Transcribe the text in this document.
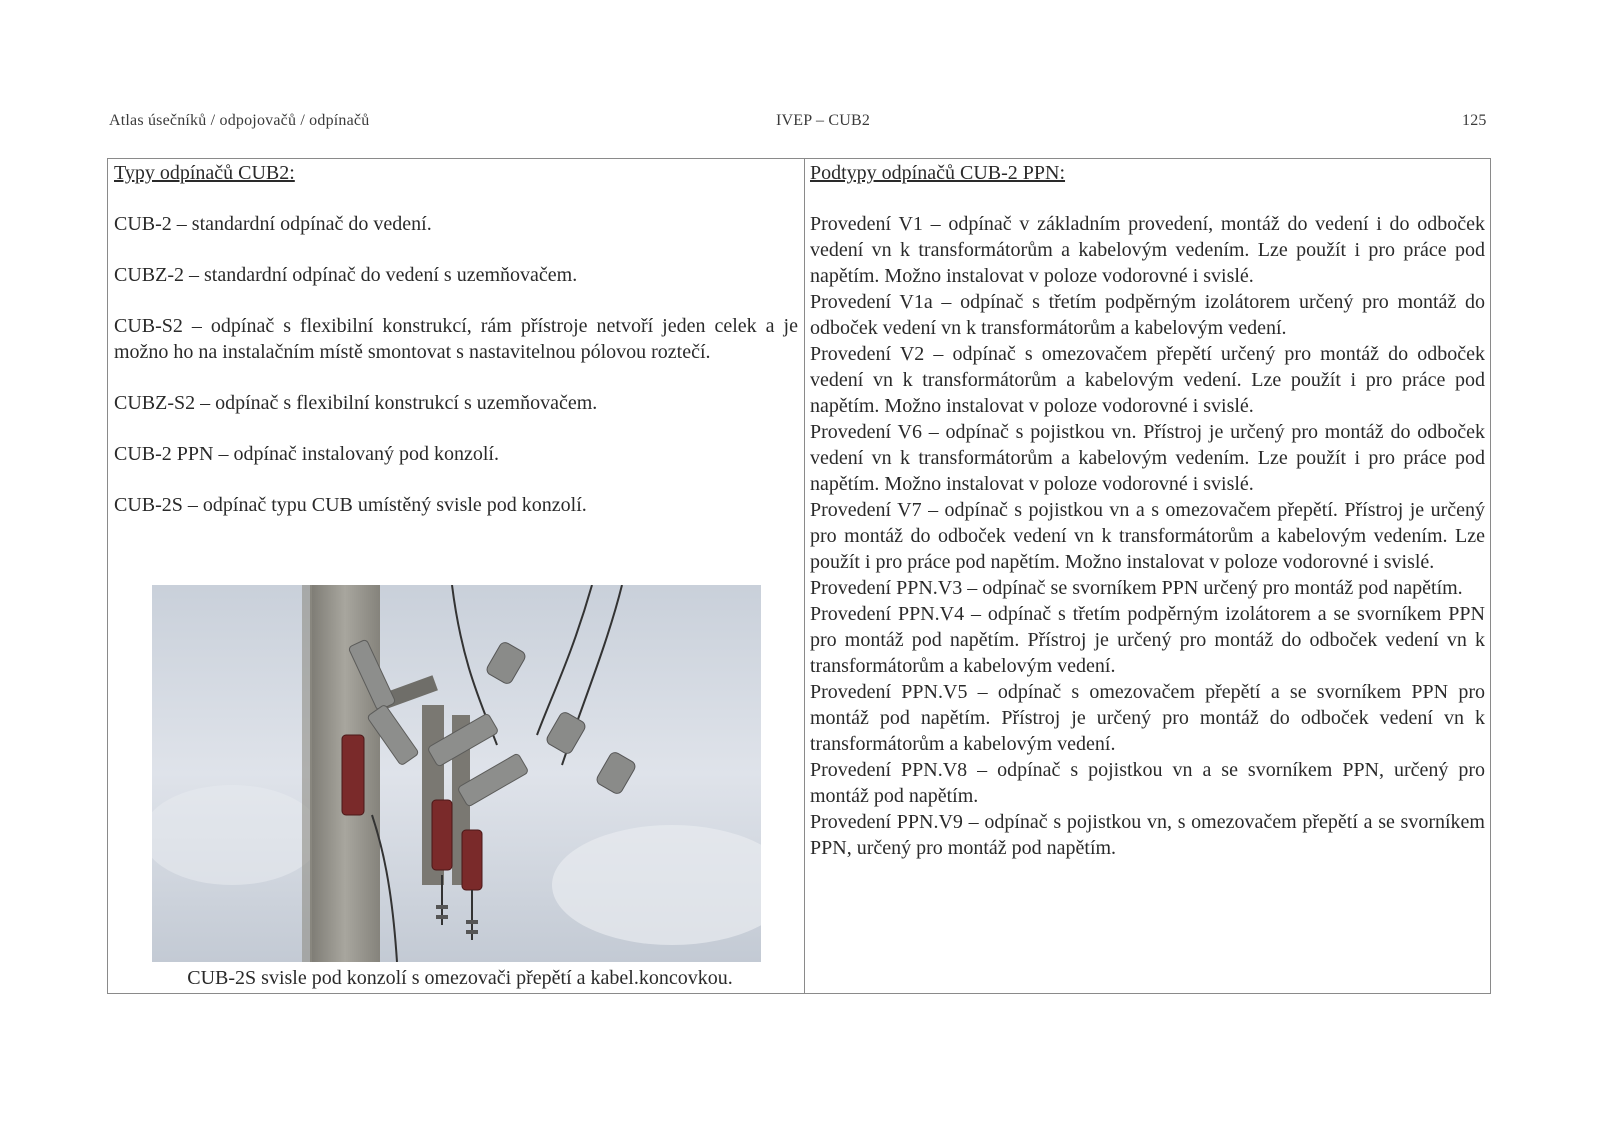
Atlas úsečníků / odpojovačů / odpínačů	IVEP – CUB2	125

Typy odpínačů CUB2:

CUB-2 – standardní odpínač do vedení.

CUBZ-2 – standardní odpínač do vedení s uzemňovačem.

CUB-S2 – odpínač s flexibilní konstrukcí, rám přístroje netvoří jeden celek a je možno ho na instalačním místě smontovat s nastavitelnou pólovou roztečí.

CUBZ-S2 – odpínač s flexibilní konstrukcí s uzemňovačem.

CUB-2 PPN – odpínač instalovaný pod konzolí.

CUB-2S – odpínač typu CUB umístěný svisle pod konzolí.

CUB-2S svisle pod konzolí s omezovači přepětí a kabel.koncovkou.

Podtypy odpínačů CUB-2 PPN:

Provedení V1 – odpínač v základním provedení, montáž do vedení i do odboček vedení vn k transformátorům a kabelovým vedením. Lze použít i pro práce pod napětím. Možno instalovat v poloze vodorovné i svislé.

Provedení V1a – odpínač s třetím podpěrným izolátorem určený pro montáž do odboček vedení vn k transformátorům a kabelovým vedení.

Provedení V2 – odpínač s omezovačem přepětí určený pro montáž do odboček vedení vn k transformátorům a kabelovým vedení. Lze použít i pro práce pod napětím. Možno instalovat v poloze vodorovné i svislé.

Provedení V6 – odpínač s pojistkou vn. Přístroj je určený pro montáž do odboček vedení vn k transformátorům a kabelovým vedením. Lze použít i pro práce pod napětím. Možno instalovat v poloze vodorovné i svislé.

Provedení V7 – odpínač s pojistkou vn a s omezovačem přepětí. Přístroj je určený pro montáž do odboček vedení vn k transformátorům a kabelovým vedením. Lze použít i pro práce pod napětím. Možno instalovat v poloze vodorovné i svislé.

Provedení PPN.V3 – odpínač se svorníkem PPN určený pro montáž pod napětím.

Provedení PPN.V4 – odpínač s třetím podpěrným izolátorem a se svorníkem PPN pro montáž pod napětím. Přístroj je určený pro montáž do odboček vedení vn k transformátorům a kabelovým vedení.

Provedení PPN.V5 – odpínač s omezovačem přepětí a se svorníkem PPN pro montáž pod napětím. Přístroj je určený pro montáž do odboček vedení vn k transformátorům a kabelovým vedení.

Provedení PPN.V8 – odpínač s pojistkou vn a se svorníkem PPN, určený pro montáž pod napětím.

Provedení PPN.V9 – odpínač s pojistkou vn, s omezovačem přepětí a se svorníkem PPN, určený pro montáž pod napětím.
